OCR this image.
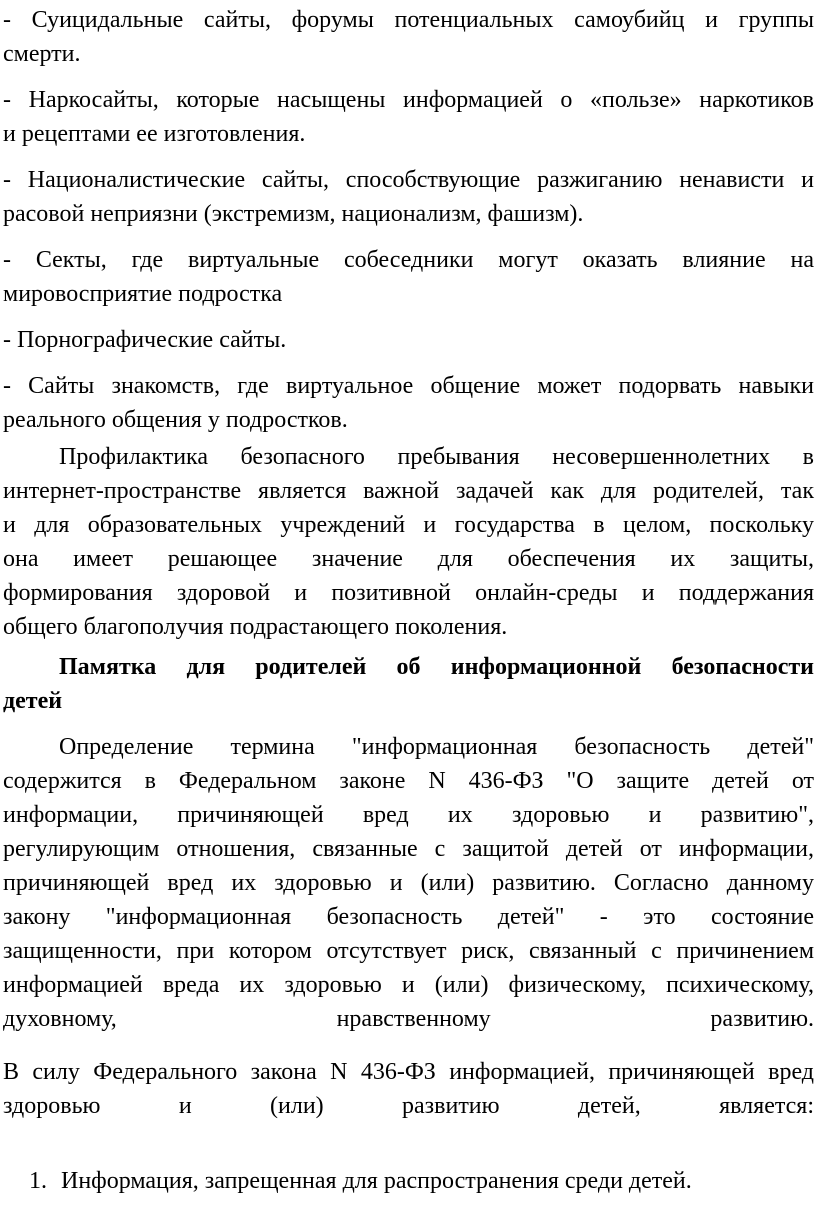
- Суицидальные сайты, форумы потенциальных самоубийц и группы
смерти.
- Наркосайты, которые насыщены информацией о «пользе» наркотиков
и рецептами ее изготовления.
- Националистические сайты, способствующие разжиганию ненависти и
расовой неприязни (экстремизм, национализм, фашизм).
- Секты, где виртуальные собеседники могут оказать влияние на
мировосприятие подростка
- Порнографические сайты.
- Сайты знакомств, где виртуальное общение может подорвать навыки
реального общения у подростков.
Профилактика безопасного пребывания несовершеннолетних в
интернет-пространстве является важной задачей как для родителей, так
и для образовательных учреждений и государства в целом, поскольку
она имеет решающее значение для обеспечения их защиты,
формирования здоровой и позитивной онлайн-среды и поддержания
общего благополучия подрастающего поколения.
Памятка для родителей об информационной безопасности
детей
Определение термина "информационная безопасность детей"
содержится в Федеральном законе N 436-ФЗ "О защите детей от
информации, причиняющей вред их здоровью и развитию",
регулирующим отношения, связанные с защитой детей от информации,
причиняющей вред их здоровью и (или) развитию. Согласно данному
закону "информационная безопасность детей" - это состояние
защищенности, при котором отсутствует риск, связанный с причинением
информацией вреда их здоровью и (или) физическому, психическому,
духовному, нравственному развитию.
В силу Федерального закона N 436-ФЗ информацией, причиняющей вред
здоровью и (или) развитию детей, является:
1. Информация, запрещенная для распространения среди детей.
